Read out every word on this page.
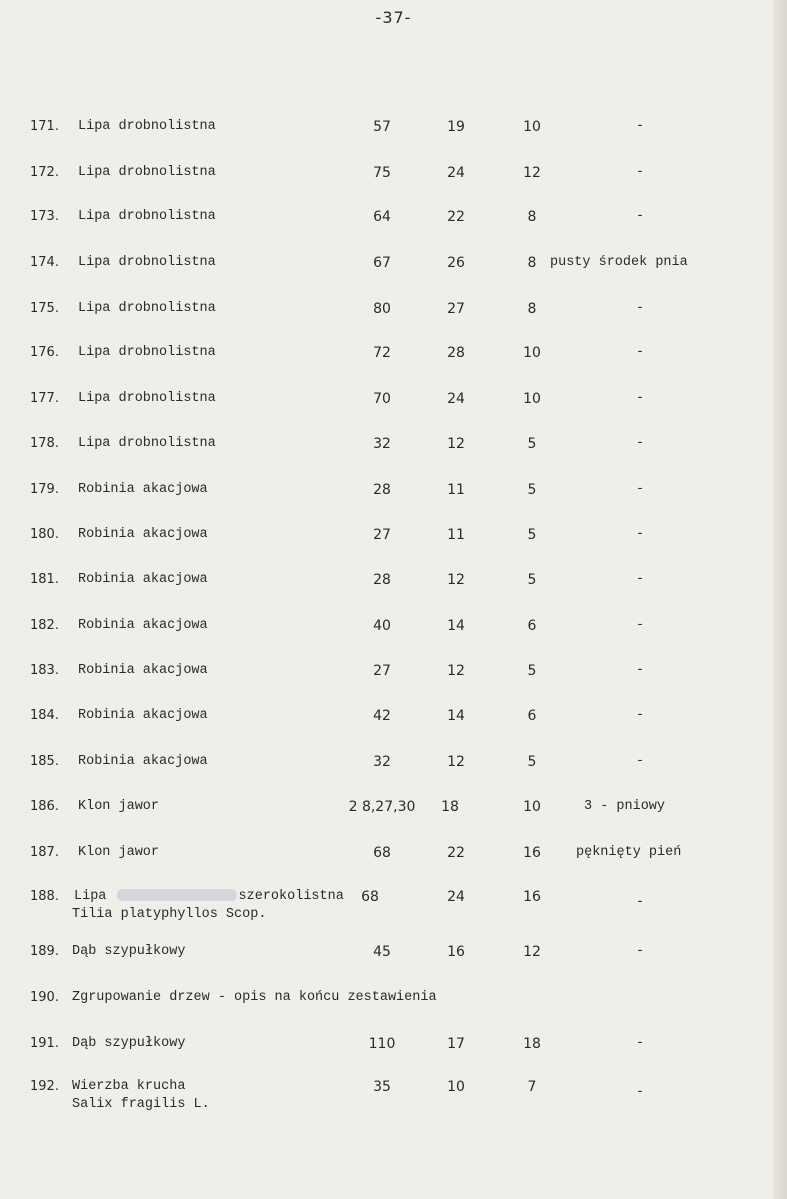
-37-
171. Lipa drobnolistna	57	19	10	-
172. Lipa drobnolistna	75	24	12	-
173. Lipa drobnolistna	64	22	8	-
174. Lipa drobnolistna	67	26	8	pusty środek pnia
175. Lipa drobnolistna	80	27	8	-
176. Lipa drobnolistna	72	28	10	-
177. Lipa drobnolistna	70	24	10	-
178. Lipa drobnolistna	32	12	5	-
179. Robinia akacjowa	28	11	5	-
180. Robinia akacjowa	27	11	5	-
181. Robinia akacjowa	28	12	5	-
182. Robinia akacjowa	40	14	6	-
183. Robinia akacjowa	27	12	5	-
184. Robinia akacjowa	42	14	6	-
185. Robinia akacjowa	32	12	5	-
186. Klon jawor	2 8,27,30	18	10	3 - pniowy
187. Klon jawor	68	22	16	pęknięty pień
188. Lipa	szerokolistna
Tilia platyphyllos Scop.
68	24	16	-
189. Dąb szypułkowy	45	16	12	-
190. Zgrupowanie drzew - opis na końcu zestawienia
191. Dąb szypułkowy	110	17	18	-
192. Wierzba krucha
Salix fragilis L.
35	10	7	-
